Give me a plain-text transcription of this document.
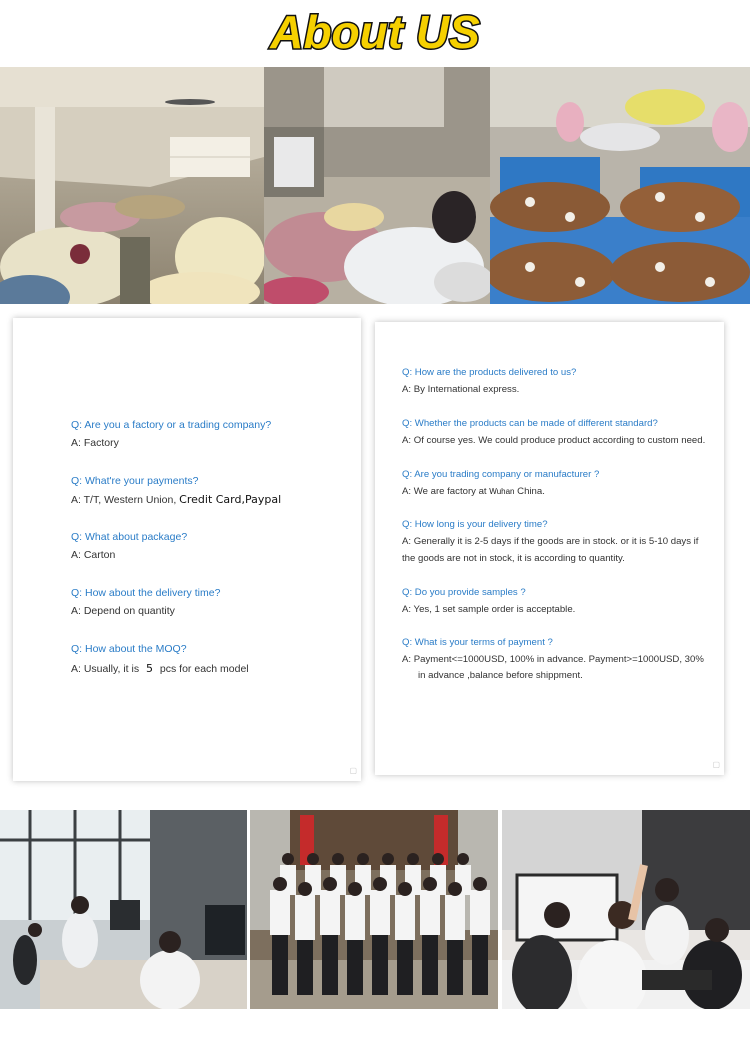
About US
Q: Are you a factory or a trading company?
A: Factory
Q: What're your payments?
A: T/T, Western Union, Credit Card,Paypal
Q: What about package?
A: Carton
Q: How about the delivery time?
A: Depend on quantity
Q: How about the MOQ?
A: Usually, it is 5 pcs for each model
▢
Q: How are the products delivered to us?
A: By International express.
Q: Whether the products can be made of different standard?
A: Of course yes. We could produce product according to custom need.
Q: Are you trading company or manufacturer ?
A: We are factory at Wuhan China.
Q: How long is your delivery time?
A: Generally it is 2-5 days if the goods are in stock. or it is 5-10 days if
the goods are not in stock, it is according to quantity.
Q: Do you provide samples ?
A: Yes, 1 set sample order is acceptable.
Q: What is your terms of payment ?
A: Payment<=1000USD, 100% in advance. Payment>=1000USD, 30%
in advance ,balance before shippment.
▢
